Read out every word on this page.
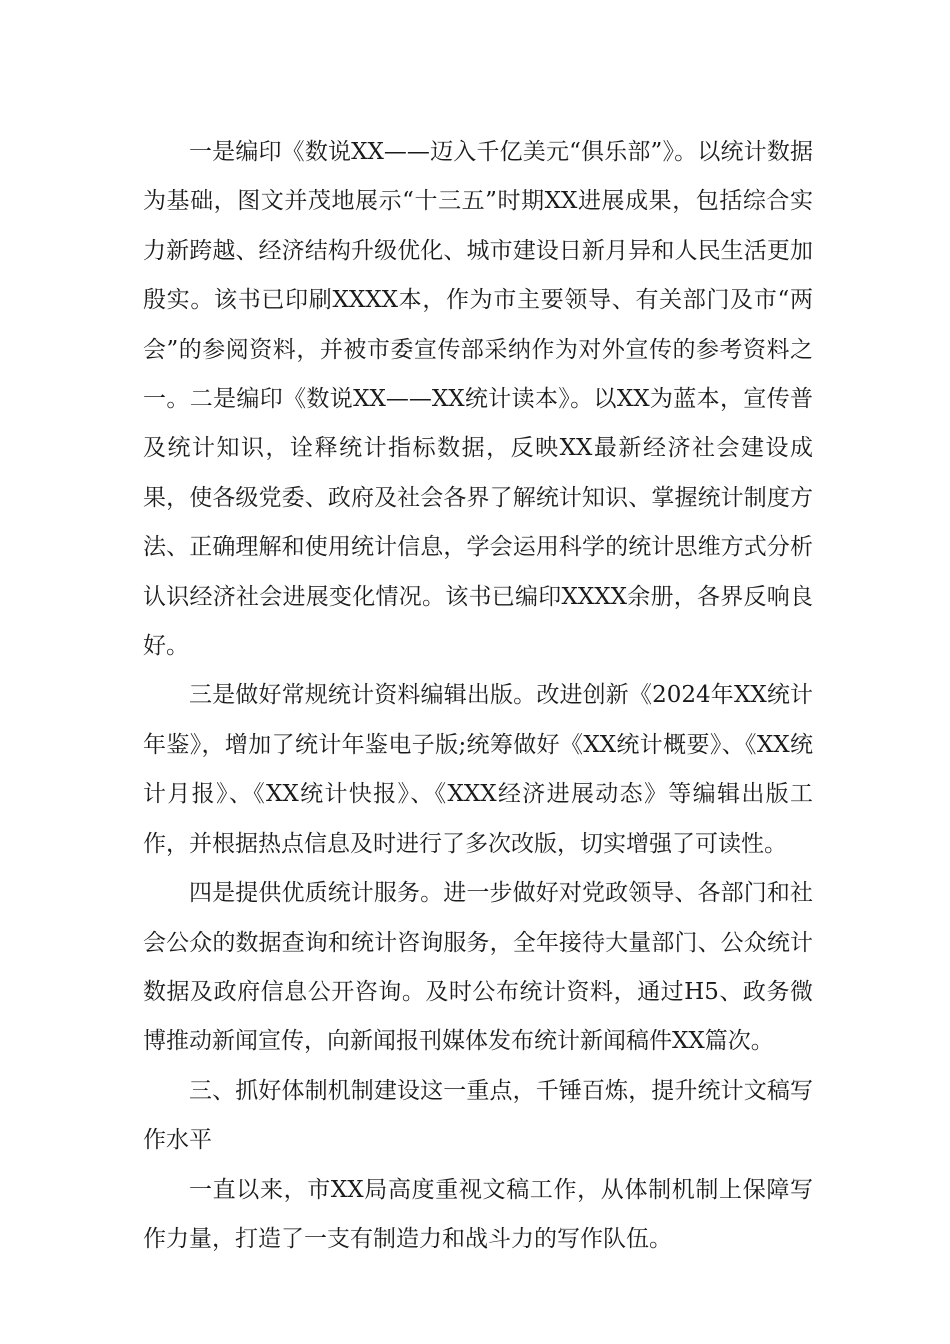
一是编印《数说XX——迈入千亿美元“俱乐部”》。以统计数据为基础，图文并茂地展示“十三五”时期XX进展成果，包括综合实力新跨越、经济结构升级优化、城市建设日新月异和人民生活更加殷实。该书已印刷XXXX本，作为市主要领导、有关部门及市“两会”的参阅资料，并被市委宣传部采纳作为对外宣传的参考资料之一。二是编印《数说XX——XX统计读本》。以XX为蓝本，宣传普及统计知识，诠释统计指标数据，反映XX最新经济社会建设成果，使各级党委、政府及社会各界了解统计知识、掌握统计制度方法、正确理解和使用统计信息，学会运用科学的统计思维方式分析认识经济社会进展变化情况。该书已编印XXXX余册，各界反响良好。

三是做好常规统计资料编辑出版。改进创新《2024年XX统计年鉴》，增加了统计年鉴电子版;统筹做好《XX统计概要》、《XX统计月报》、《XX统计快报》、《XXX经济进展动态》等编辑出版工作，并根据热点信息及时进行了多次改版，切实增强了可读性。

四是提供优质统计服务。进一步做好对党政领导、各部门和社会公众的数据查询和统计咨询服务，全年接待大量部门、公众统计数据及政府信息公开咨询。及时公布统计资料，通过H5、政务微博推动新闻宣传，向新闻报刊媒体发布统计新闻稿件XX篇次。

三、抓好体制机制建设这一重点，千锤百炼，提升统计文稿写作水平

一直以来，市XX局高度重视文稿工作，从体制机制上保障写作力量，打造了一支有制造力和战斗力的写作队伍。
